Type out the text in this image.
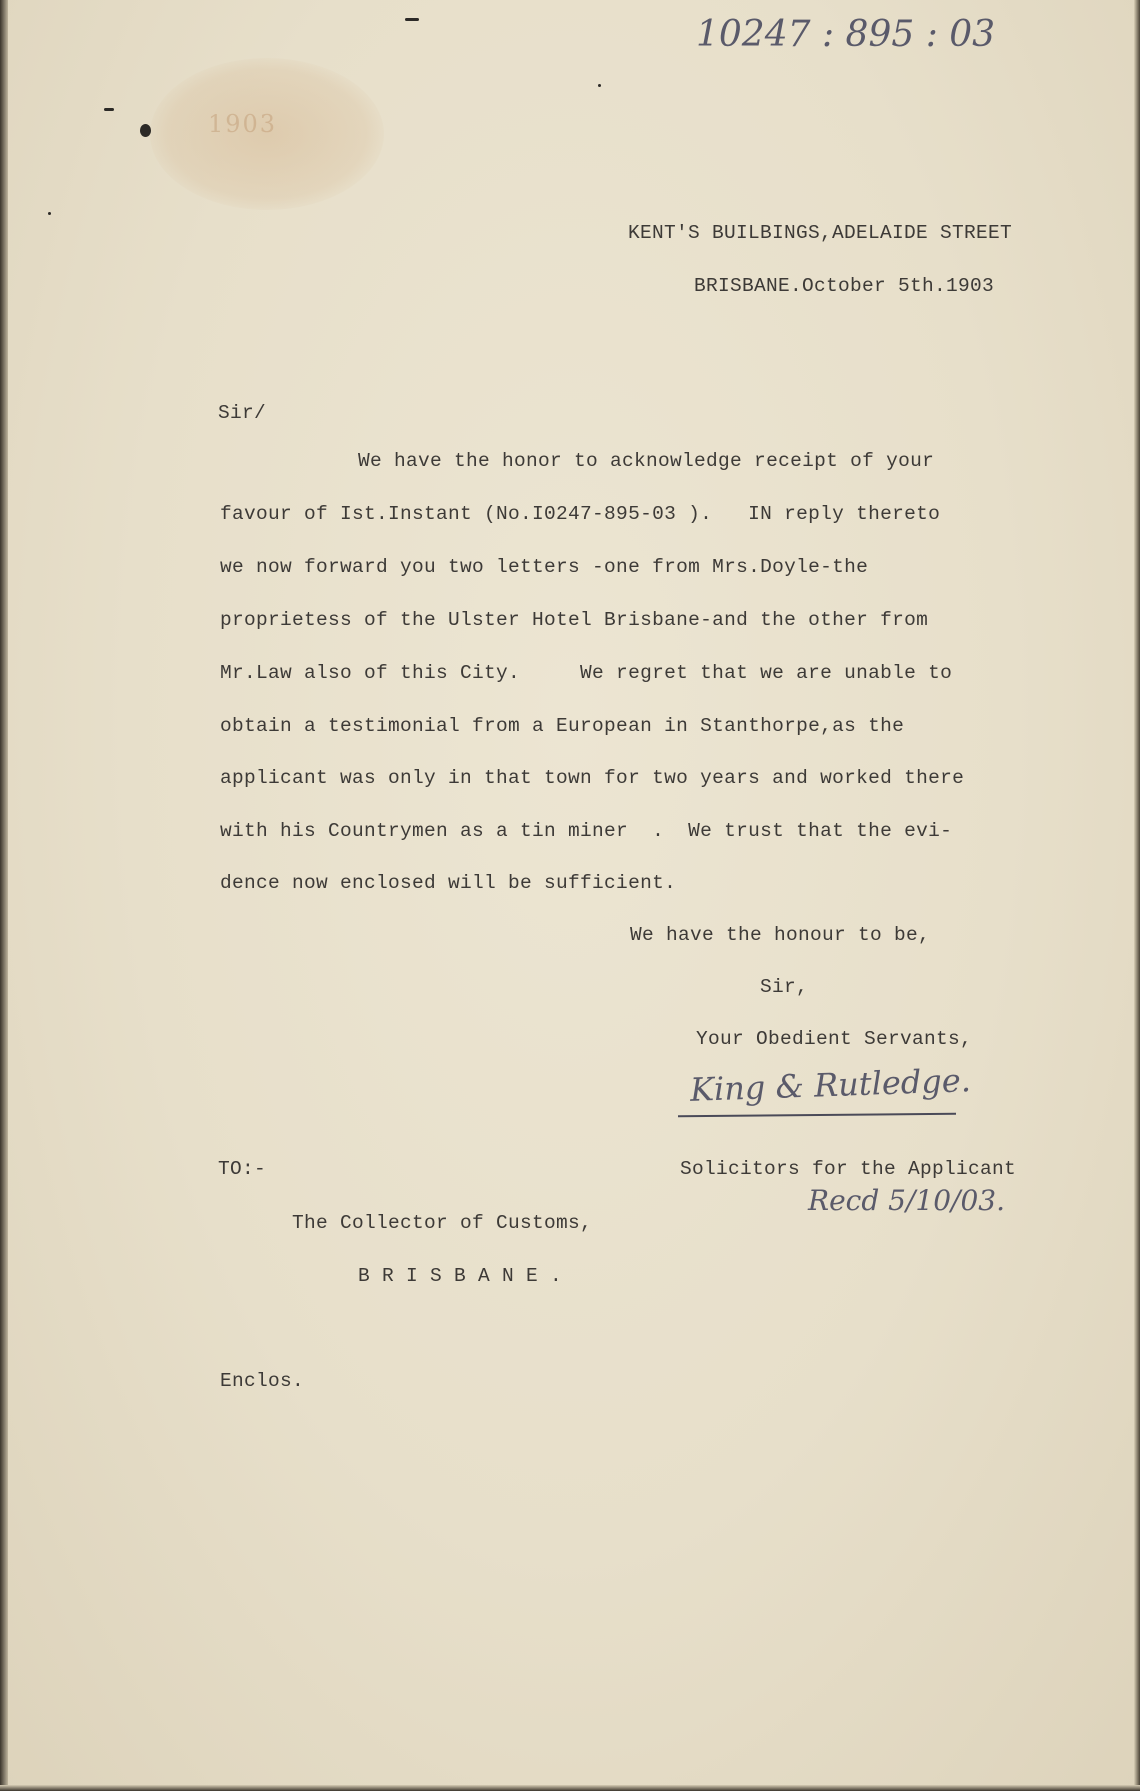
1903
10247 : 895 : 03
KENT'S BUILBINGS,ADELAIDE STREET
BRISBANE.October 5th.1903
Sir/
We have the honor to acknowledge receipt of your
favour of Ist.Instant (No.I0247-895-03 ).   IN reply thereto
we now forward you two letters -one from Mrs.Doyle-the
proprietess of the Ulster Hotel Brisbane-and the other from
Mr.Law also of this City.     We regret that we are unable to
obtain a testimonial from a European in Stanthorpe,as the
applicant was only in that town for two years and worked there
with his Countrymen as a tin miner  .  We trust that the evi-
dence now enclosed will be sufficient.
We have the honour to be,
Sir,
Your Obedient Servants,
King & Rutledge.
TO:-	Solicitors for the Applicant
Recd 5/10/03.
The Collector of Customs,
B R I S B A N E .
Enclos.
